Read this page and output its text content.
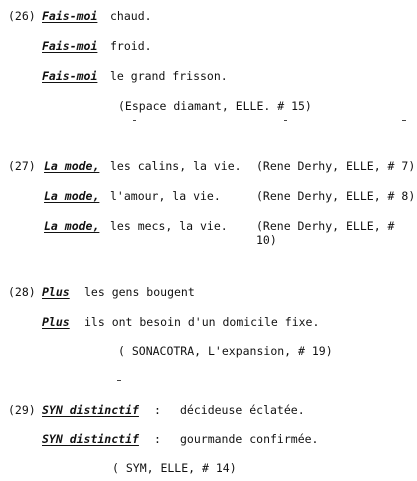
(26) Fais-moi chaud.
Fais-moi froid.
Fais-moi le grand frisson.
(Espace diamant, ELLE. # 15)
(27) La mode, les calins, la vie. (Rene Derhy, ELLE, # 7)
La mode, l'amour, la vie.	(Rene Derhy, ELLE, # 8)
La mode, les mecs, la vie. (Rene Derhy, ELLE, # 10)
(28) Plus les gens bougent
Plus ils ont besoin d'un domicile fixe.
( SONACOTRA, L'expansion, # 19)
(29) SYN distinctif : décideuse éclatée.
SYN distinctif : gourmande confirmée.
( SYM, ELLE, # 14)
